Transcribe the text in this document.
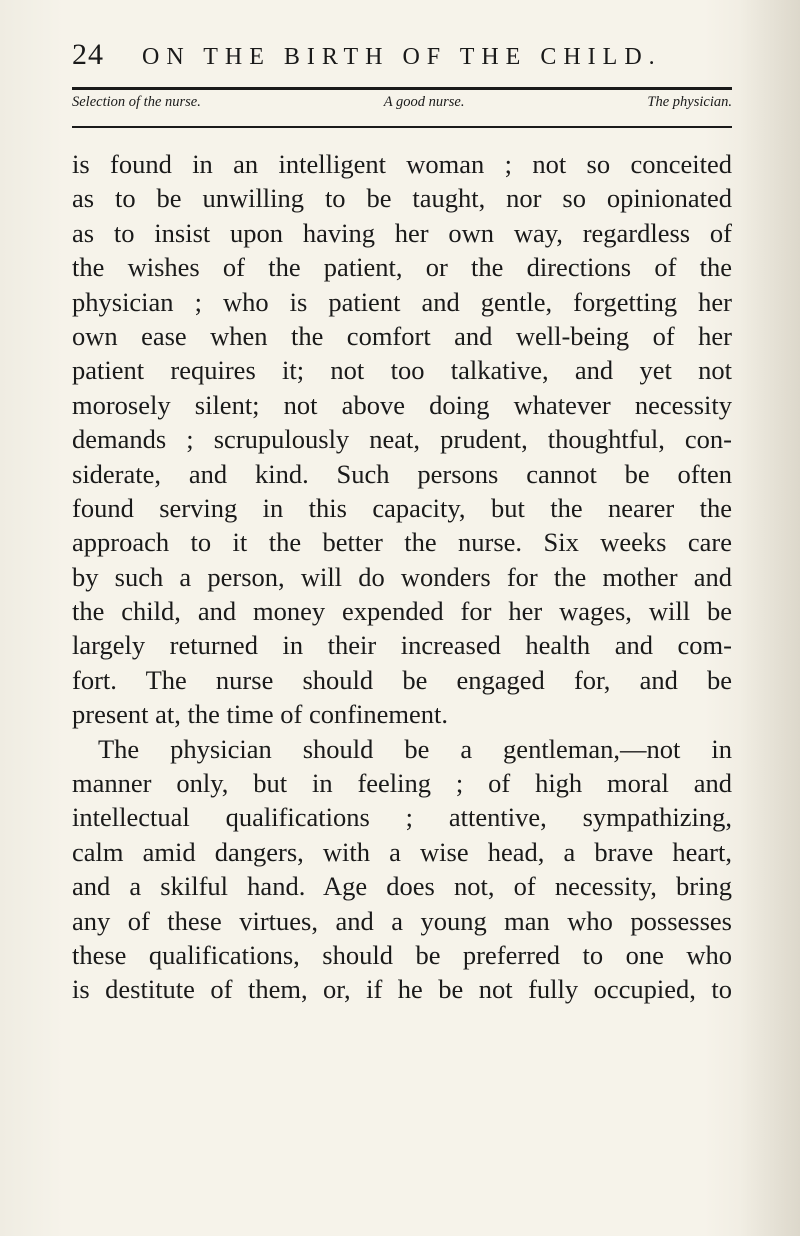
24 ON THE BIRTH OF THE CHILD.
Selection of the nurse.	A good nurse.	The physician.
is found in an intelligent woman ; not so conceited
as to be unwilling to be taught, nor so opinionated
as to insist upon having her own way, regardless of
the wishes of the patient, or the directions of the
physician ; who is patient and gentle, forgetting her
own ease when the comfort and well-being of her
patient requires it; not too talkative, and yet not
morosely silent; not above doing whatever necessity
demands ; scrupulously neat, prudent, thoughtful, con-
siderate, and kind. Such persons cannot be often
found serving in this capacity, but the nearer the
approach to it the better the nurse. Six weeks care
by such a person, will do wonders for the mother and
the child, and money expended for her wages, will be
largely returned in their increased health and com-
fort. The nurse should be engaged for, and be
present at, the time of confinement.
The physician should be a gentleman,—not in
manner only, but in feeling ; of high moral and
intellectual qualifications ; attentive, sympathizing,
calm amid dangers, with a wise head, a brave heart,
and a skilful hand. Age does not, of necessity, bring
any of these virtues, and a young man who possesses
these qualifications, should be preferred to one who
is destitute of them, or, if he be not fully occupied, to
